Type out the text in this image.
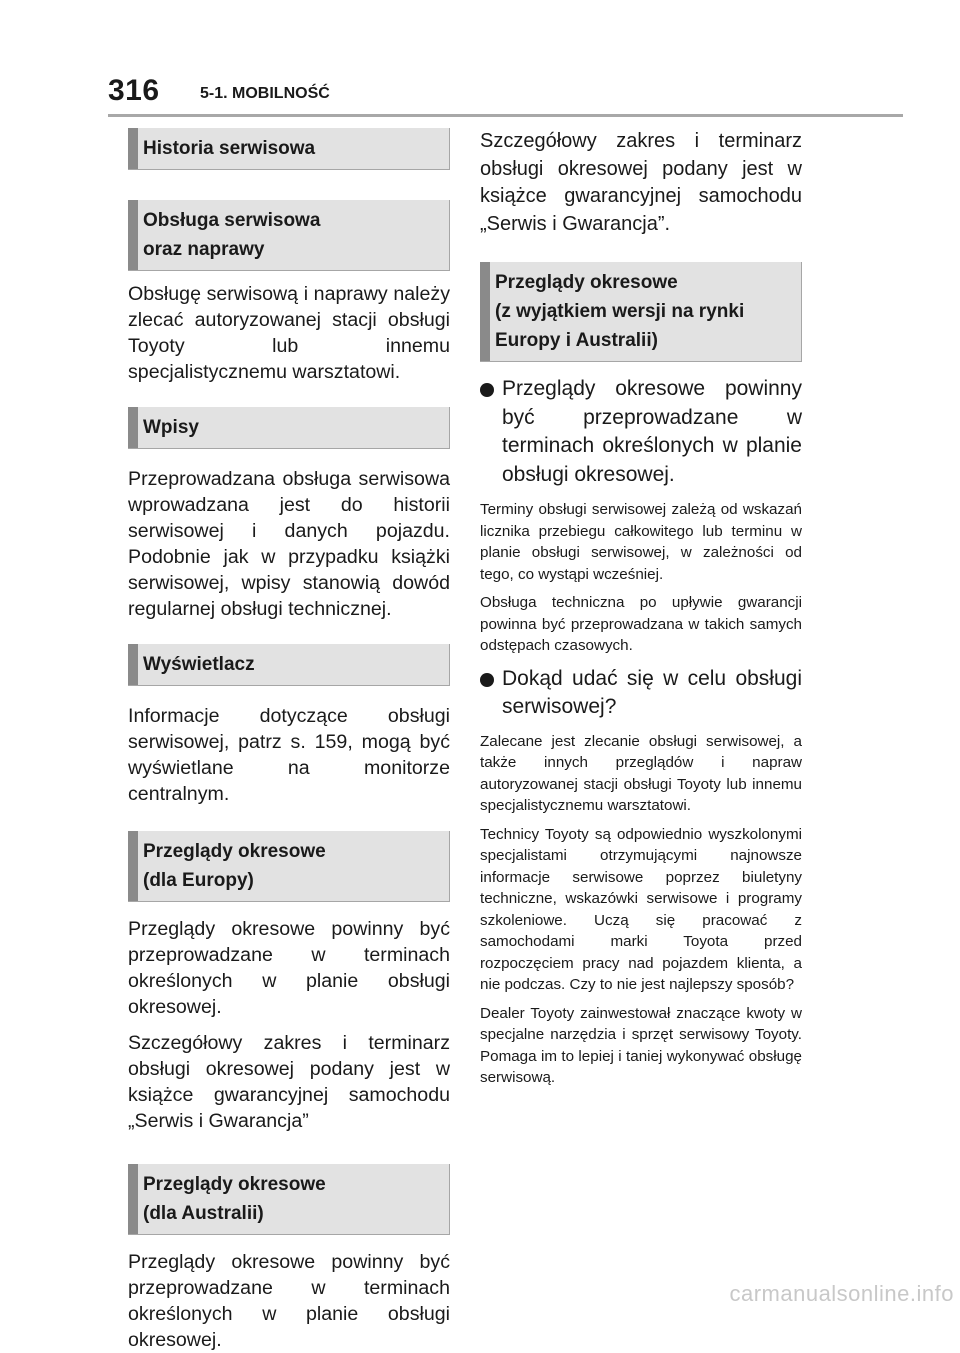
316	5-1. MOBILNOŚĆ
Historia serwisowa
Obsługa serwisowa
oraz naprawy

Obsługę serwisową i naprawy należy zlecać autoryzowanej stacji obsługi Toyoty lub innemu specjalistycznemu warsztatowi.

Wpisy

Przeprowadzana obsługa serwisowa wprowadzana jest do historii serwisowej i danych pojazdu. Podobnie jak w przypadku książki serwisowej, wpisy stanowią dowód regularnej obsługi technicznej.

Wyświetlacz

Informacje dotyczące obsługi serwisowej, patrz s. 159, mogą być wyświetlane na monitorze centralnym.

Przeglądy okresowe
(dla Europy)

Przeglądy okresowe powinny być przeprowadzane w terminach określonych w planie obsługi okresowej.

Szczegółowy zakres i terminarz obsługi okresowej podany jest w książce gwarancyjnej samochodu „Serwis i Gwarancja”

Przeglądy okresowe
(dla Australii)

Przeglądy okresowe powinny być przeprowadzane w terminach określonych w planie obsługi okresowej.

Szczegółowy zakres i terminarz obsługi okresowej podany jest w książce gwarancyjnej samochodu „Serwis i Gwarancja”.

Przeglądy okresowe
(z wyjątkiem wersji na rynki
Europy i Australii)
Przeglądy okresowe powinny być przeprowadzane w terminach określonych w planie obsługi okresowej.

Terminy obsługi serwisowej zależą od wskazań licznika przebiegu całkowitego lub terminu w planie obsługi serwisowej, w zależności od tego, co wystąpi wcześniej.

Obsługa techniczna po upływie gwarancji powinna być przeprowadzana w takich samych odstępach czasowych.

Dokąd udać się w celu obsługi serwisowej?

Zalecane jest zlecanie obsługi serwisowej, a także innych przeglądów i napraw autoryzowanej stacji obsługi Toyoty lub innemu specjalistycznemu warsztatowi.

Technicy Toyoty są odpowiednio wyszkolonymi specjalistami otrzymującymi najnowsze informacje serwisowe poprzez biuletyny techniczne, wskazówki serwisowe i programy szkoleniowe. Uczą się pracować z samochodami marki Toyota przed rozpoczęciem pracy nad pojazdem klienta, a nie podczas. Czy to nie jest najlepszy sposób?

Dealer Toyoty zainwestował znaczące kwoty w specjalne narzędzia i sprzęt serwisowy Toyoty. Pomaga im to lepiej i taniej wykonywać obsługę serwisową.

carmanualsonline.info
